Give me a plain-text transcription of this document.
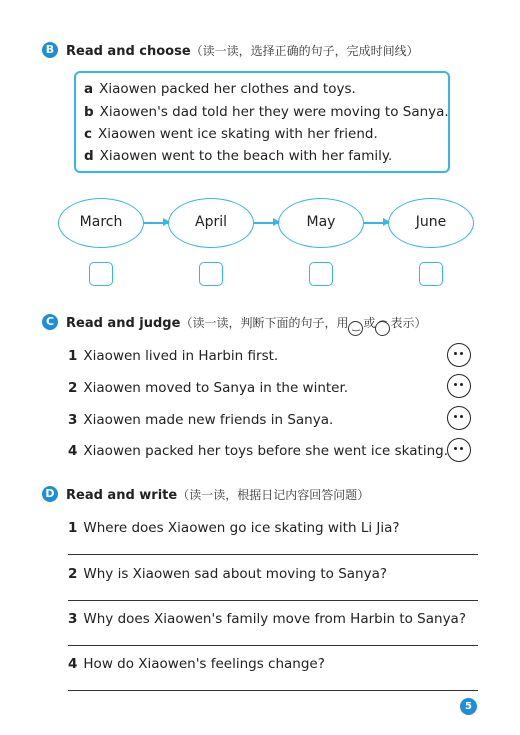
B Read and choose（读一读，选择正确的句子，完成时间线）
a Xiaowen packed her clothes and toys.
b Xiaowen's dad told her they were moving to Sanya.
c Xiaowen went ice skating with her friend.
d Xiaowen went to the beach with her family.
March	April	May	June
C Read and judge（读一读，判断下面的句子，用 ‿ 或 ⁀ 表示）
1 Xiaowen lived in Harbin first.
2 Xiaowen moved to Sanya in the winter.
3 Xiaowen made new friends in Sanya.
4 Xiaowen packed her toys before she went ice skating.
D Read and write（读一读，根据日记内容回答问题）
1 Where does Xiaowen go ice skating with Li Jia?
2 Why is Xiaowen sad about moving to Sanya?
3 Why does Xiaowen's family move from Harbin to Sanya?
4 How do Xiaowen's feelings change?
5
